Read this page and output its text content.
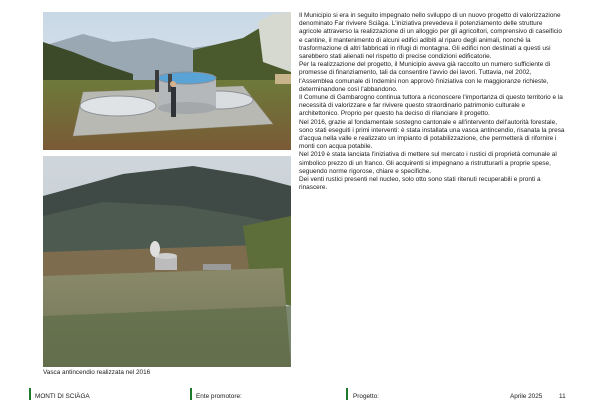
Vasca antincendio realizzata nel 2016

Il Municipio si era in seguito impegnato nello sviluppo di un nuovo progetto di valorizzazione denominato Far rivivere Sciäga. L'iniziativa prevedeva il potenziamento delle strutture agricole attraverso la realizzazione di un alloggio per gli agricoltori, comprensivo di caseificio e cantine, il mantenimento di alcuni edifici adibiti al riparo degli animali, nonché la trasformazione di altri fabbricati in rifugi di montagna. Gli edifici non destinati a questi usi sarebbero stati alienati nel rispetto di precise condizioni edificatorie.

Per la realizzazione del progetto, il Municipio aveva già raccolto un numero sufficiente di promesse di finanziamento, tali da consentire l'avvio dei lavori. Tuttavia, nel 2002, l'Assemblea comunale di Indemini non approvò l'iniziativa con le maggioranze richieste, determinandone così l'abbandono.

Il Comune di Gambarogno continua tuttora a riconoscere l'importanza di questo territorio e la necessità di valorizzare e far rivivere questo straordinario patrimonio culturale e architettonico. Proprio per questo ha deciso di rilanciare il progetto.

Nel 2016, grazie al fondamentale sostegno cantonale e all'intervento dell'autorità forestale, sono stati eseguiti i primi interventi: è stata installata una vasca antincendio, risanata la presa d'acqua nella valle e realizzato un impianto di potabilizzazione, che permetterà di rifornire i monti con acqua potabile.

Nel 2019 è stata lanciata l'iniziativa di mettere sul mercato i rustici di proprietà comunale al simbolico prezzo di un franco. Gli acquirenti si impegnano a ristrutturarli a proprie spese, seguendo norme rigorose, chiare e specifiche.

Dei venti rustici presenti nel nucleo, solo otto sono stati ritenuti recuperabili e pronti a rinascere.

MONTI DI SCIÄGA	Ente promotore:	Progetto:	Aprile 2025	11
